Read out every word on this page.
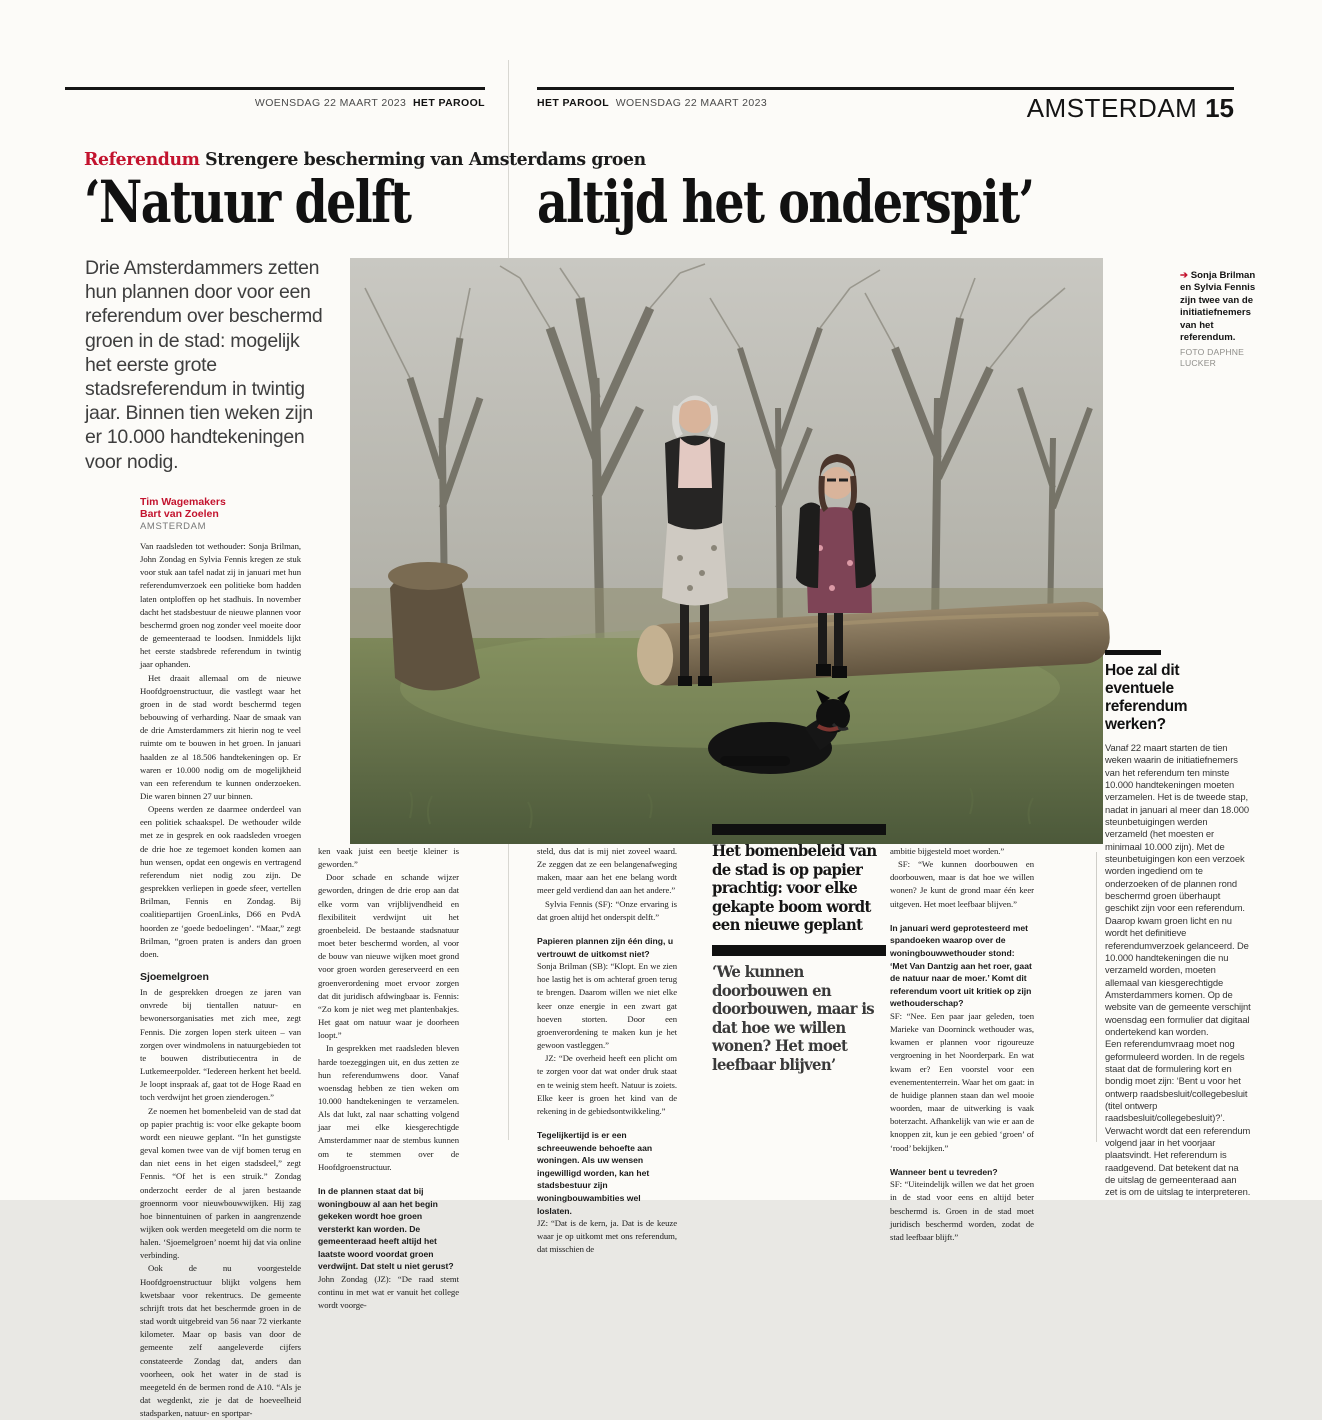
WOENSDAG 22 MAART 2023 HET PAROOL	HET PAROOL WOENSDAG 22 MAART 2023	AMSTERDAM 15
Referendum Strengere bescherming van Amsterdams groen
‘Natuur delft altijd het onderspit’

Drie Amsterdammers zetten hun plannen door voor een referendum over beschermd groen in de stad: mogelijk het eerste grote stadsreferendum in twintig jaar. Binnen tien weken zijn er 10.000 handtekeningen voor nodig.

Tim Wagemakers
Bart van Zoelen
AMSTERDAM
➔ Sonja Brilman en Sylvia Fennis zijn twee van de initiatiefnemers van het referendum.
FOTO DAPHNE LUCKER

Van raadsleden tot wethouder: Sonja Brilman, John Zondag en Sylvia Fennis kregen ze stuk voor stuk aan tafel nadat zij in januari met hun referendumverzoek een politieke bom hadden laten ontploffen op het stadhuis. In november dacht het stadsbestuur de nieuwe plannen voor beschermd groen nog zonder veel moeite door de gemeenteraad te loodsen. Inmiddels lijkt het eerste stadsbrede referendum in twintig jaar ophanden.

Het draait allemaal om de nieuwe Hoofdgroenstructuur, die vastlegt waar het groen in de stad wordt beschermd tegen bebouwing of verharding. Naar de smaak van de drie Amsterdammers zit hierin nog te veel ruimte om te bouwen in het groen. In januari haalden ze al 18.506 handtekeningen op. Er waren er 10.000 nodig om de mogelijkheid van een referendum te kunnen onderzoeken. Die waren binnen 27 uur binnen.

Opeens werden ze daarmee onderdeel van een politiek schaakspel. De wethouder wilde met ze in gesprek en ook raadsleden vroegen de drie hoe ze tegemoet konden komen aan hun wensen, opdat een ongewis en vertragend referendum niet nodig zou zijn. De gesprekken verliepen in goede sfeer, vertellen Brilman, Fennis en Zondag. Bij coalitiepartijen GroenLinks, D66 en PvdA hoorden ze ‘goede bedoelingen’. “Maar,” zegt Brilman, “groen praten is anders dan groen doen.

Sjoemelgroen

In de gesprekken droegen ze jaren van onvrede bij tientallen natuur- en bewonersorganisaties met zich mee, zegt Fennis. Die zorgen lopen sterk uiteen – van zorgen over windmolens in natuurgebieden tot te bouwen distributiecentra in de Lutkemeerpolder. “Iedereen herkent het beeld. Je loopt inspraak af, gaat tot de Hoge Raad en toch verdwijnt het groen zienderogen.”

Ze noemen het bomenbeleid van de stad dat op papier prachtig is: voor elke gekapte boom wordt een nieuwe geplant. “In het gunstigste geval komen twee van de vijf bomen terug en dan niet eens in het eigen stadsdeel,” zegt Fennis. “Of het is een struik.” Zondag onderzocht eerder de al jaren bestaande groennorm voor nieuwbouwwijken. Hij zag hoe binnentuinen of parken in aangrenzende wijken ook werden meegeteld om die norm te halen. ‘Sjoemelgroen’ noemt hij dat via online verbinding.

Ook de nu voorgestelde Hoofdgroenstructuur blijkt volgens hem kwetsbaar voor rekentrucs. De gemeente schrijft trots dat het beschermde groen in de stad wordt uitgebreid van 56 naar 72 vierkante kilometer. Maar op basis van door de gemeente zelf aangeleverde cijfers constateerde Zondag dat, anders dan voorheen, ook het water in de stad is meegeteld én de bermen rond de A10. “Als je dat wegdenkt, zie je dat de hoeveelheid stadsparken, natuur- en sportpar-

ken vaak juist een beetje kleiner is geworden.”

Door schade en schande wijzer geworden, dringen de drie erop aan dat elke vorm van vrijblijvendheid en flexibiliteit verdwijnt uit het groenbeleid. De bestaande stadsnatuur moet beter beschermd worden, al voor de bouw van nieuwe wijken moet grond voor groen worden gereserveerd en een groenverordening moet ervoor zorgen dat dit juridisch afdwingbaar is. Fennis: “Zo kom je niet weg met plantenbakjes. Het gaat om natuur waar je doorheen loopt.”

In gesprekken met raadsleden bleven harde toezeggingen uit, en dus zetten ze hun referendumwens door. Vanaf woensdag hebben ze tien weken om 10.000 handtekeningen te verzamelen. Als dat lukt, zal naar schatting volgend jaar mei elke kiesgerechtigde Amsterdammer naar de stembus kunnen om te stemmen over de Hoofdgroenstructuur.

In de plannen staat dat bij woningbouw al aan het begin gekeken wordt hoe groen versterkt kan worden. De gemeenteraad heeft altijd het laatste woord voordat groen verdwijnt. Dat stelt u niet gerust?

John Zondag (JZ): “De raad stemt continu in met wat er vanuit het college wordt voorge-

steld, dus dat is mij niet zoveel waard. Ze zeggen dat ze een belangenafweging maken, maar aan het ene belang wordt meer geld verdiend dan aan het andere.”

Sylvia Fennis (SF): “Onze ervaring is dat groen altijd het onderspit delft.”

Papieren plannen zijn één ding, u vertrouwt de uitkomst niet?

Sonja Brilman (SB): “Klopt. En we zien hoe lastig het is om achteraf groen terug te brengen. Daarom willen we niet elke keer onze energie in een zwart gat hoeven storten. Door een groenverordening te maken kun je het gewoon vastleggen.”

JZ: “De overheid heeft een plicht om te zorgen voor dat wat onder druk staat en te weinig stem heeft. Natuur is zoiets. Elke keer is groen het kind van de rekening in de gebiedsontwikkeling.”

Tegelijkertijd is er een schreeuwende behoefte aan woningen. Als uw wensen ingewilligd worden, kan het stadsbestuur zijn woningbouwambities wel loslaten.

JZ: “Dat is de kern, ja. Dat is de keuze waar je op uitkomt met ons referendum, dat misschien de

Het bomenbeleid van de stad is op papier prachtig: voor elke gekapte boom wordt een nieuwe geplant
‘We kunnen doorbouwen en doorbouwen, maar is dat hoe we willen wonen? Het moet leefbaar blijven’

ambitie bijgesteld moet worden.”

SF: “We kunnen doorbouwen en doorbouwen, maar is dat hoe we willen wonen? Je kunt de grond maar één keer uitgeven. Het moet leefbaar blijven.”

In januari werd geprotesteerd met spandoeken waarop over de woningbouwwethouder stond: ‘Met Van Dantzig aan het roer, gaat de natuur naar de moer.’ Komt dit referendum voort uit kritiek op zijn wethouderschap?

SF: “Nee. Een paar jaar geleden, toen Marieke van Doorninck wethouder was, kwamen er plannen voor rigoureuze vergroening in het Noorderpark. En wat kwam er? Een voorstel voor een evenemententerrein. Waar het om gaat: in de huidige plannen staan dan wel mooie woorden, maar de uitwerking is vaak boterzacht. Afhankelijk van wie er aan de knoppen zit, kun je een gebied ‘groen’ of ‘rood’ bekijken.”

Wanneer bent u tevreden?

SF: “Uiteindelijk willen we dat het groen in de stad voor eens en altijd beter beschermd is. Groen in de stad moet juridisch beschermd worden, zodat de stad leefbaar blijft.”

Hoe zal dit eventuele referendum werken?

Vanaf 22 maart starten de tien weken waarin de initiatiefnemers van het referendum ten minste 10.000 handtekeningen moeten verzamelen. Het is de tweede stap, nadat in januari al meer dan 18.000 steunbetuigingen werden verzameld (het moesten er minimaal 10.000 zijn). Met de steunbetuigingen kon een verzoek worden ingediend om te onderzoeken of de plannen rond beschermd groen überhaupt geschikt zijn voor een referendum. Daarop kwam groen licht en nu wordt het definitieve referendumverzoek gelanceerd. De 10.000 handtekeningen die nu verzameld worden, moeten allemaal van kiesgerechtigde Amsterdammers komen. Op de website van de gemeente verschijnt woensdag een formulier dat digitaal ondertekend kan worden.

Een referendumvraag moet nog geformuleerd worden. In de regels staat dat de formulering kort en bondig moet zijn: ‘Bent u voor het ontwerp raadsbesluit/collegebesluit (titel ontwerp raadsbesluit/collegebesluit)?’. Verwacht wordt dat een referendum volgend jaar in het voorjaar plaatsvindt. Het referendum is raadgevend. Dat betekent dat na de uitslag de gemeenteraad aan zet is om de uitslag te interpreteren.
